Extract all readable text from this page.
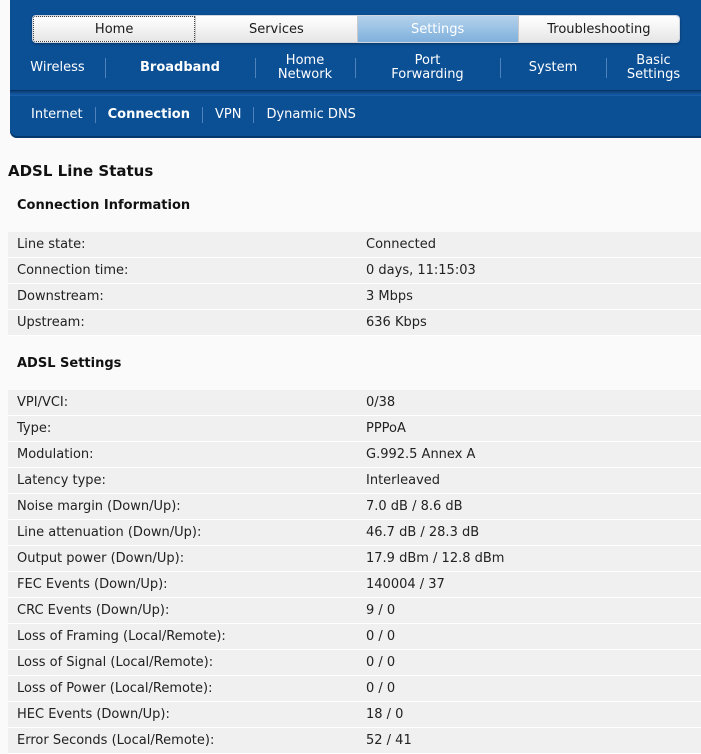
Home	Services	Settings	Troubleshooting
Wireless	Broadband	Home Network
Port Forwarding	System	Basic Settings
Internet	Connection	VPN	Dynamic DNS
ADSL Line Status
Connection Information
Line state:	Connected
Connection time:	0 days, 11:15:03
Downstream:	3 Mbps
Upstream:	636 Kbps
ADSL Settings
VPI/VCI:	0/38
Type:	PPPoA
Modulation:	G.992.5 Annex A
Latency type:	Interleaved
Noise margin (Down/Up):	7.0 dB / 8.6 dB
Line attenuation (Down/Up):	46.7 dB / 28.3 dB
Output power (Down/Up):	17.9 dBm / 12.8 dBm
FEC Events (Down/Up):	140004 / 37
CRC Events (Down/Up):	9 / 0
Loss of Framing (Local/Remote):	0 / 0
Loss of Signal (Local/Remote):	0 / 0
Loss of Power (Local/Remote):	0 / 0
HEC Events (Down/Up):	18 / 0
Error Seconds (Local/Remote):	52 / 41
